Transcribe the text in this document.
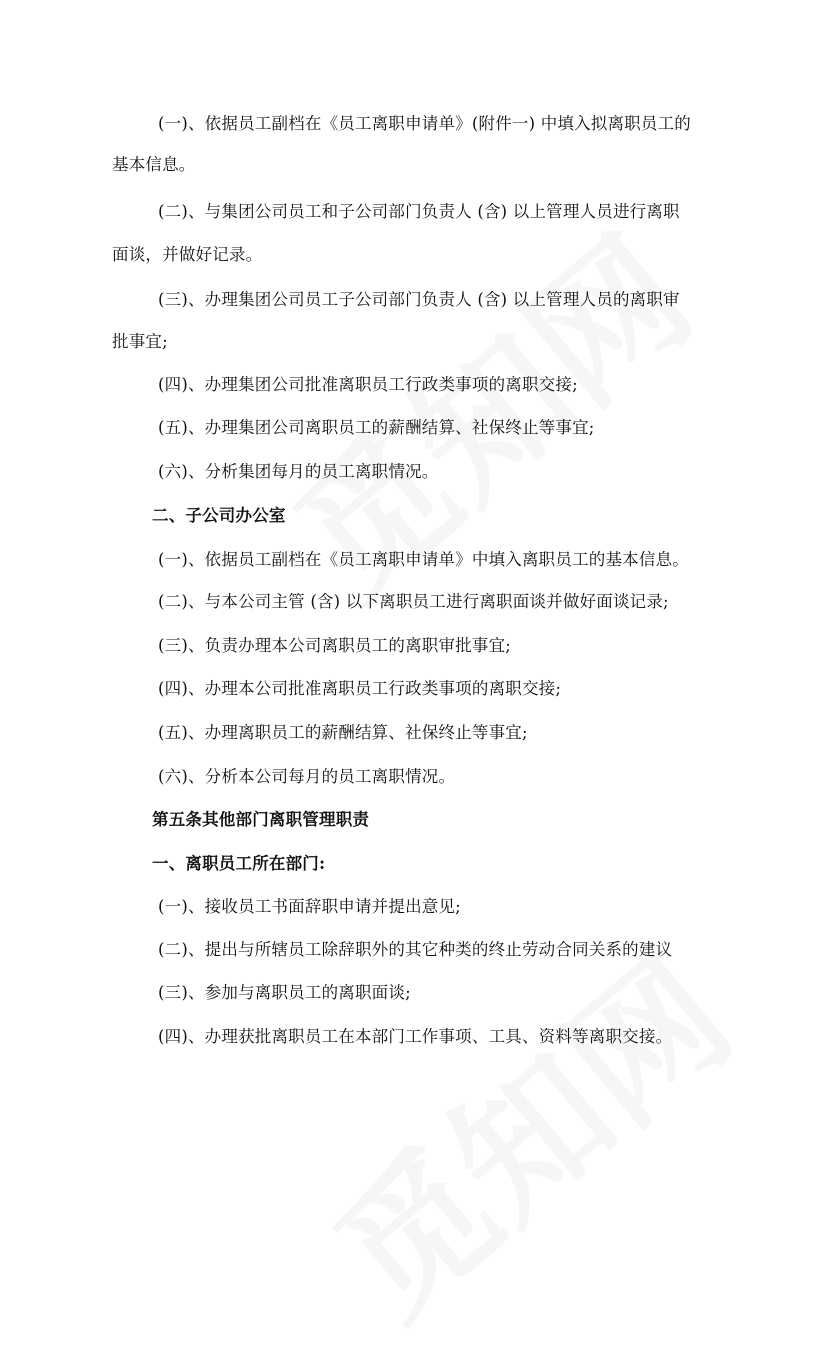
(一)、依据员工副档在《员工离职申请单》(附件一) 中填入拟离职员工的
基本信息。
(二)、与集团公司员工和子公司部门负责人 (含) 以上管理人员进行离职
面谈，并做好记录。
(三)、办理集团公司员工子公司部门负责人 (含) 以上管理人员的离职审
批事宜;
(四)、办理集团公司批准离职员工行政类事项的离职交接;
(五)、办理集团公司离职员工的薪酬结算、社保终止等事宜;
(六)、分析集团每月的员工离职情况。
二、子公司办公室
(一)、依据员工副档在《员工离职申请单》中填入离职员工的基本信息。
(二)、与本公司主管 (含) 以下离职员工进行离职面谈并做好面谈记录;
(三)、负责办理本公司离职员工的离职审批事宜;
(四)、办理本公司批准离职员工行政类事项的离职交接;
(五)、办理离职员工的薪酬结算、社保终止等事宜;
(六)、分析本公司每月的员工离职情况。
第五条其他部门离职管理职责
一、离职员工所在部门:
(一)、接收员工书面辞职申请并提出意见;
(二)、提出与所辖员工除辞职外的其它种类的终止劳动合同关系的建议
(三)、参加与离职员工的离职面谈;
(四)、办理获批离职员工在本部门工作事项、工具、资料等离职交接。
